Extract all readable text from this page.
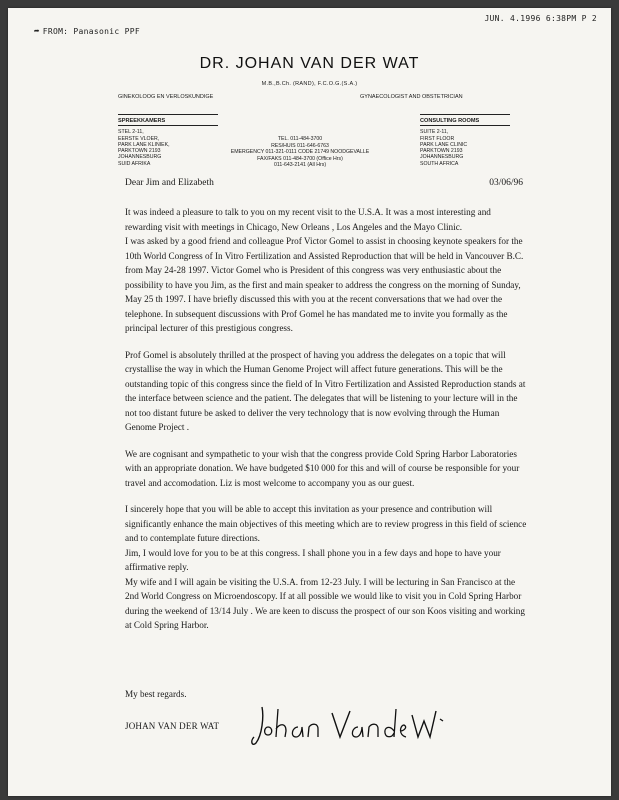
JUN. 4.1996 6:38PM P 2
➦ FROM: Panasonic PPF
DR. JOHAN VAN DER WAT
M.B.,B.Ch. (RAND), F.C.O.G.(S.A.)
GINEKOLOOG EN VERLOSKUNDIGE	GYNAECOLOGIST AND OBSTETRICIAN
SPREEKKAMERS
STEL 2-11,
EERSTE VLOER,
PARK LANE KLINIEK,
PARKTOWN 2193
JOHANNESBURG
SUID AFRIKA
CONSULTING ROOMS
SUITE 2-11,
FIRST FLOOR
PARK LANE CLINIC
PARKTOWN 2193
JOHANNESBURG
SOUTH AFRICA
TEL. 011-484-3700
RES/HUIS 011-646-6763
EMERGENCY 011-321-0111 CODE 21749 NOODGEVALLE
FAX/FAKS 011-484-3700 (Office Hrs)
011-643-2141 (All Hrs)
Dear Jim and Elizabeth	03/06/96

It was indeed a pleasure to talk to you on my recent visit to the U.S.A. It was a most interesting and rewarding visit with meetings in Chicago, New Orleans , Los Angeles and the Mayo Clinic.

I was asked by a good friend and colleague Prof Victor Gomel to assist in choosing keynote speakers for the 10th World Congress of In Vitro Fertilization and Assisted Reproduction that will be held in Vancouver B.C. from May 24-28 1997. Victor Gomel who is President of this congress was very enthusiastic about the possibility to have you Jim, as the first and main speaker to address the congress on the morning of Sunday, May 25 th 1997. I have briefly discussed this with you at the recent conversations that we had over the telephone. In subsequent discussions with Prof Gomel he has mandated me to invite you formally as the principal lecturer of this prestigious congress.

Prof Gomel is absolutely thrilled at the prospect of having you address the delegates on a topic that will crystallise the way in which the Human Genome Project will affect future generations. This will be the outstanding topic of this congress since the field of In Vitro Fertilization and Assisted Reproduction stands at the interface between science and the patient. The delegates that will be listening to your lecture will in the not too distant future be asked to deliver the very technology that is now evolving through the Human Genome Project .

We are cognisant and sympathetic to your wish that the congress provide Cold Spring Harbor Laboratories with an appropriate donation. We have budgeted $10 000 for this and will of course be responsible for your travel and accomodation. Liz is most welcome to accompany you as our guest.

I sincerely hope that you will be able to accept this invitation as your presence and contribution will significantly enhance the main objectives of this meeting which are to review progress in this field of science and to contemplate future directions.

Jim, I would love for you to be at this congress. I shall phone you in a few days and hope to have your affirmative reply.

My wife and I will again be visiting the U.S.A. from 12-23 July. I will be lecturing in San Francisco at the 2nd World Congress on Microendoscopy. If at all possible we would like to visit you in Cold Spring Harbor during the weekend of 13/14 July . We are keen to discuss the prospect of our son Koos visiting and working at Cold Spring Harbor.

My best regards.
JOHAN VAN DER WAT
